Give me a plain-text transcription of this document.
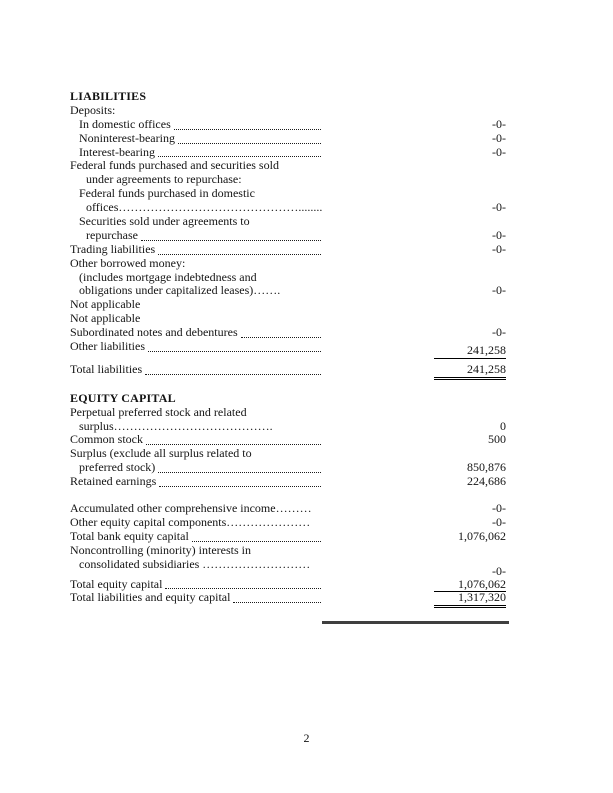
LIABILITIES
Deposits:
In domestic offices	-0-
Noninterest-bearing	-0-
Interest-bearing	-0-
Federal funds purchased and securities sold
under agreements to repurchase:
Federal funds purchased in domestic
offices………………………………………........	-0-
Securities sold under agreements to
repurchase	-0-
Trading liabilities	-0-
Other borrowed money:
(includes mortgage indebtedness and
obligations under capitalized leases)…….	-0-
Not applicable
Not applicable
Subordinated notes and debentures	-0-
Other liabilities	241,258
Total liabilities	241,258
EQUITY CAPITAL
Perpetual preferred stock and related
surplus………………………………….	0
Common stock	500
Surplus (exclude all surplus related to
preferred stock)	850,876
Retained earnings	224,686
Accumulated other comprehensive income………	-0-
Other equity capital components…………………	-0-
Total bank equity capital	1,076,062
Noncontrolling (minority) interests in
consolidated subsidiaries ………………………	-0-
Total equity capital	1,076,062
Total liabilities and equity capital	1,317,320
2
